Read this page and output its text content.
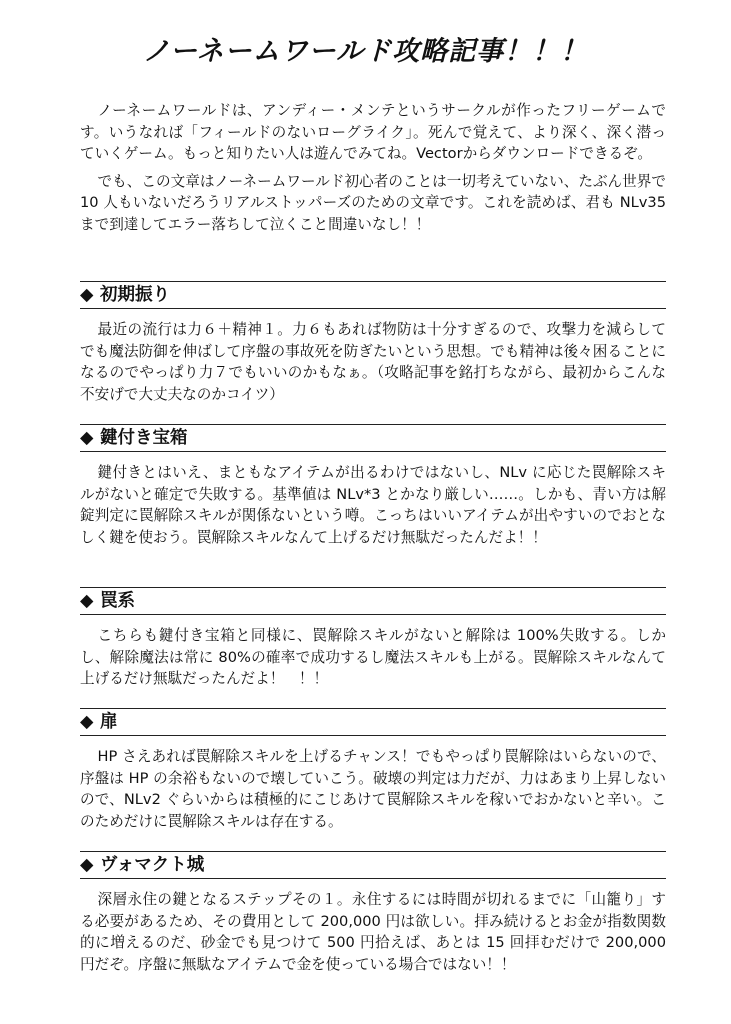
ノーネームワールド攻略記事！！！

ノーネームワールドは、アンディー・メンテというサークルが作ったフリーゲームです。いうなれば「フィールドのないローグライク」。死んで覚えて、より深く、深く潜っていくゲーム。もっと知りたい人は遊んでみてね。Vectorからダウンロードできるぞ。

でも、この文章はノーネームワールド初心者のことは一切考えていない、たぶん世界で 10 人もいないだろうリアルストッパーズのための文章です。これを読めば、君も NLv35 まで到達してエラー落ちして泣くこと間違いなし！！

◆ 初期振り

最近の流行は力６＋精神１。力６もあれば物防は十分すぎるので、攻撃力を減らしてでも魔法防御を伸ばして序盤の事故死を防ぎたいという思想。でも精神は後々困ることになるのでやっぱり力７でもいいのかもなぁ。（攻略記事を銘打ちながら、最初からこんな不安げで大丈夫なのかコイツ）

◆ 鍵付き宝箱

鍵付きとはいえ、まともなアイテムが出るわけではないし、NLv に応じた罠解除スキルがないと確定で失敗する。基準値は NLv*3 とかなり厳しい……。しかも、青い方は解錠判定に罠解除スキルが関係ないという噂。こっちはいいアイテムが出やすいのでおとなしく鍵を使おう。罠解除スキルなんて上げるだけ無駄だったんだよ！！

◆ 罠系

こちらも鍵付き宝箱と同様に、罠解除スキルがないと解除は 100%失敗する。しかし、解除魔法は常に 80%の確率で成功するし魔法スキルも上がる。罠解除スキルなんて上げるだけ無駄だったんだよ！　！！

◆ 扉

HP さえあれば罠解除スキルを上げるチャンス！でもやっぱり罠解除はいらないので、序盤は HP の余裕もないので壊していこう。破壊の判定は力だが、力はあまり上昇しないので、NLv2 ぐらいからは積極的にこじあけて罠解除スキルを稼いでおかないと辛い。このためだけに罠解除スキルは存在する。

◆ ヴォマクト城

深層永住の鍵となるステップその１。永住するには時間が切れるまでに「山籠り」する必要があるため、その費用として 200,000 円は欲しい。拝み続けるとお金が指数関数的に増えるのだ、砂金でも見つけて 500 円拾えば、あとは 15 回拝むだけで 200,000 円だぞ。序盤に無駄なアイテムで金を使っている場合ではない！！
